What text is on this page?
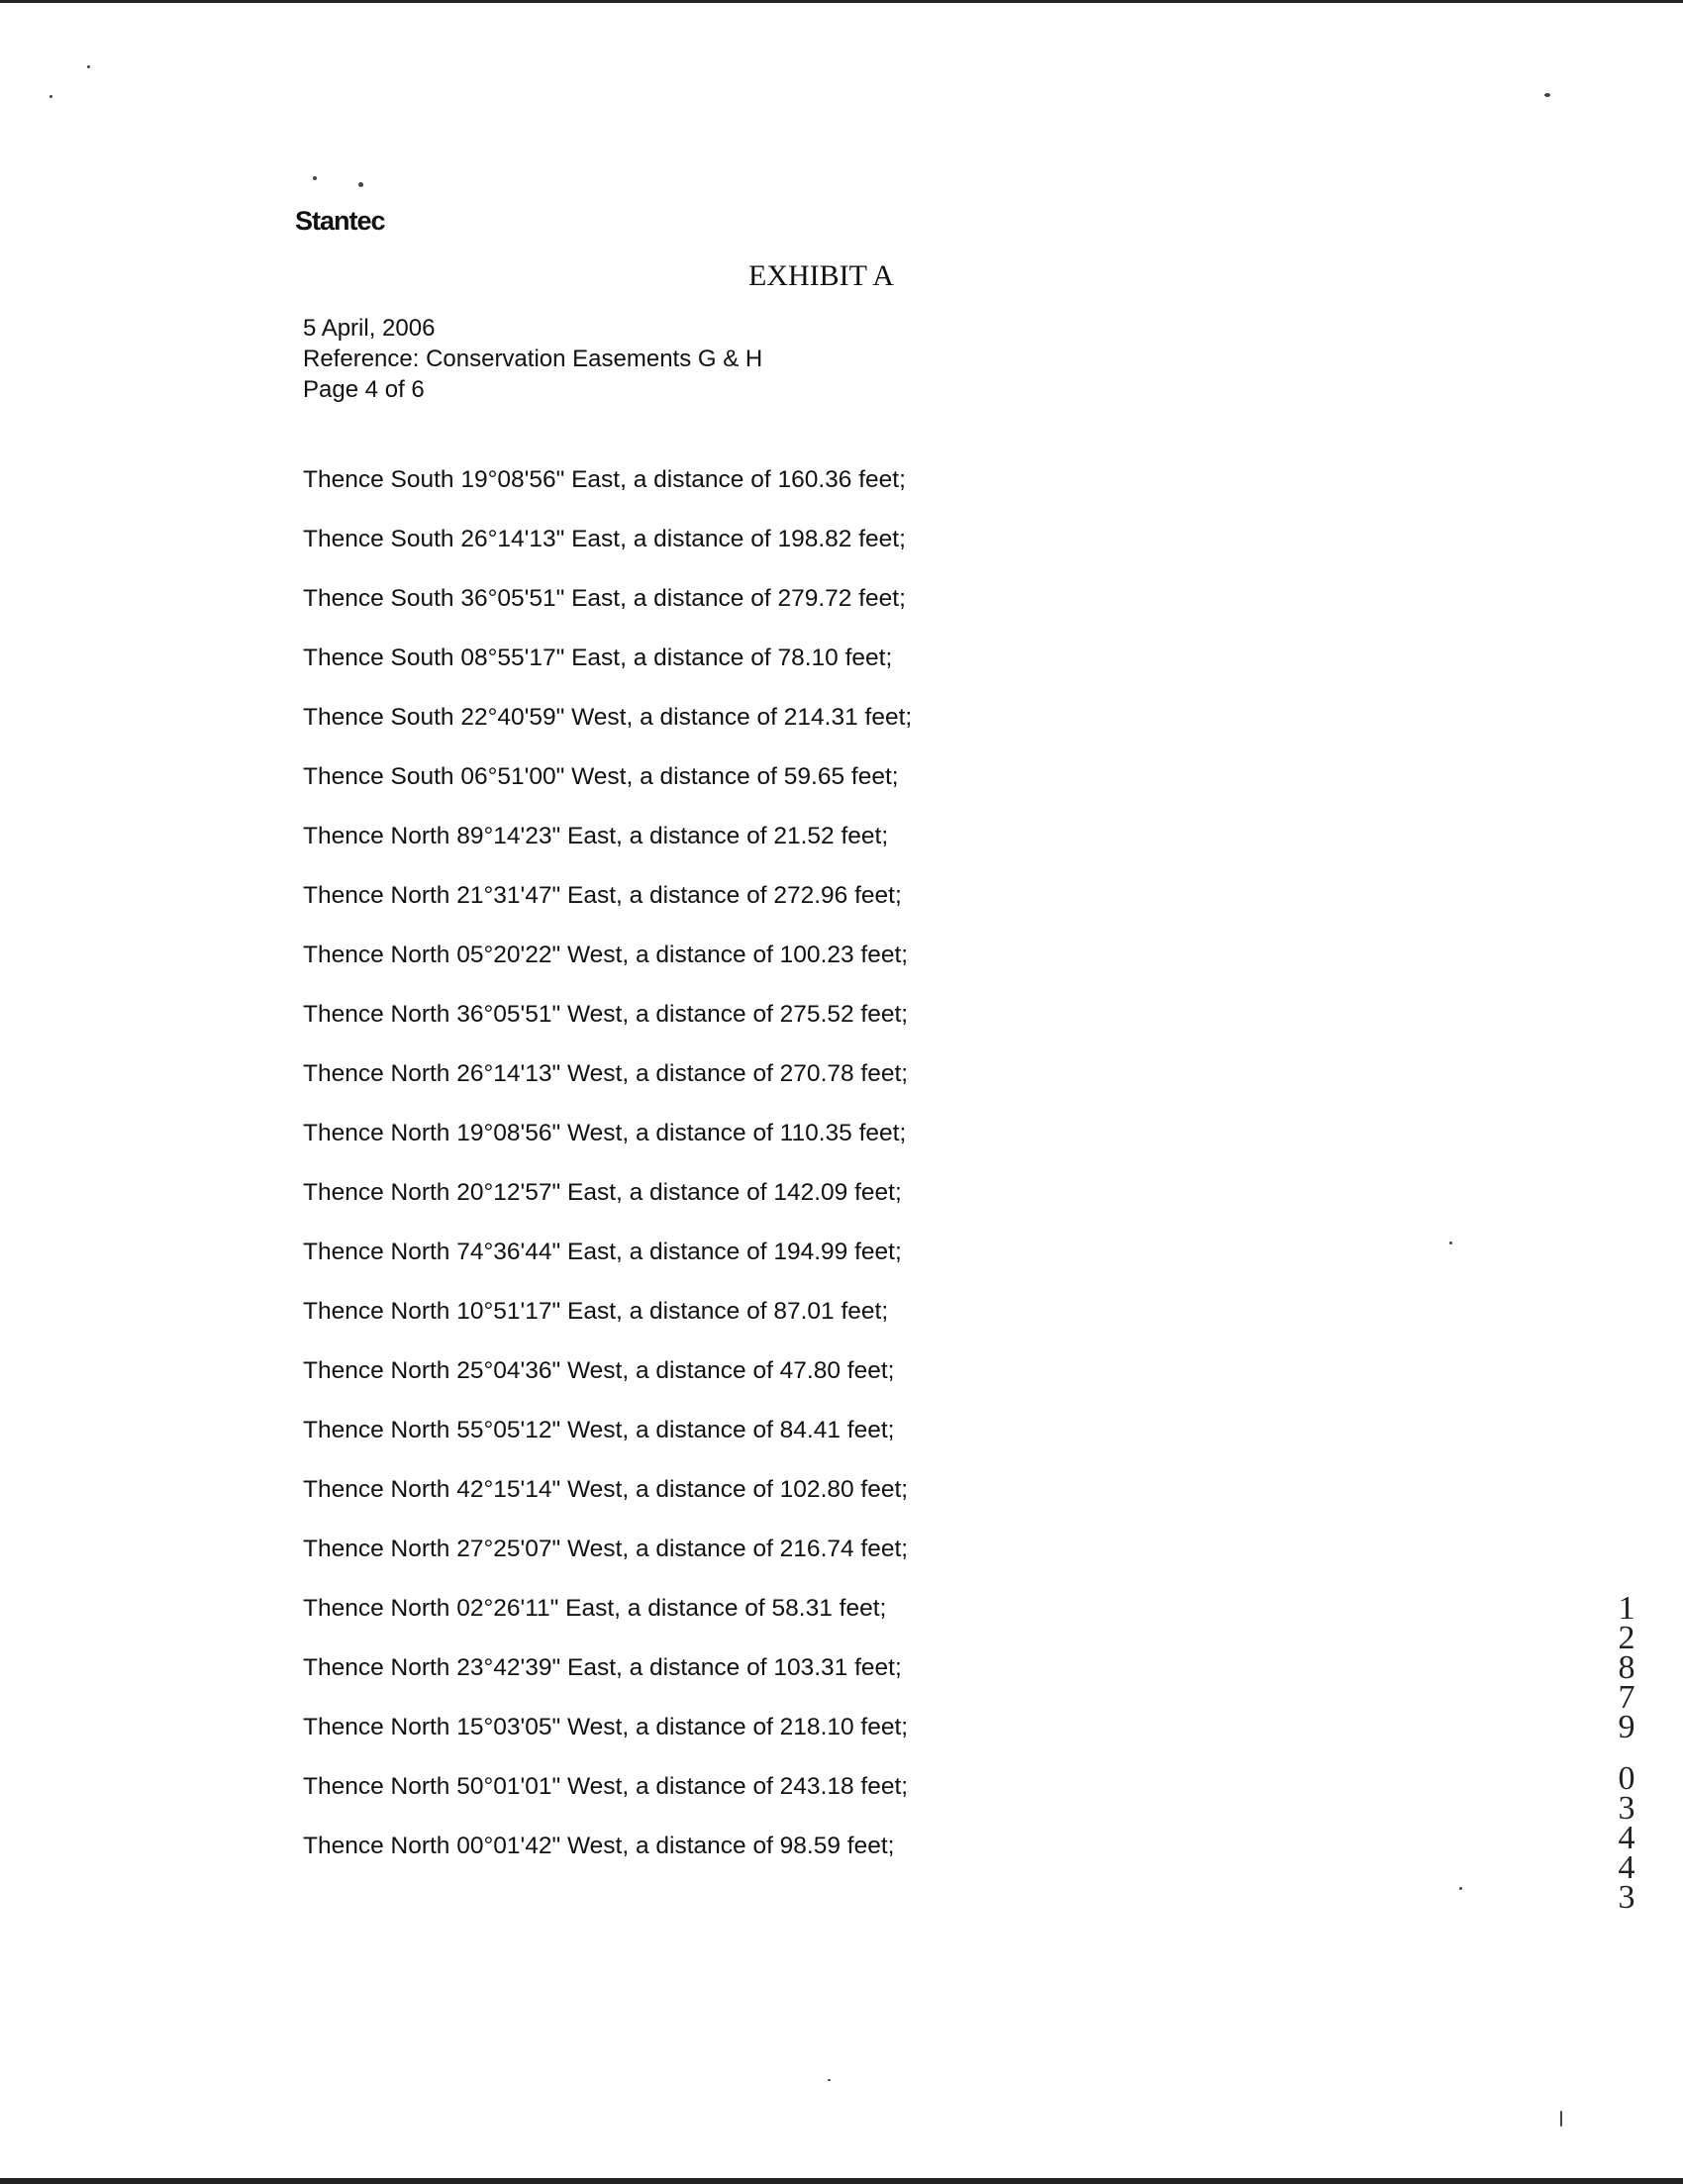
Stantec
EXHIBIT A
5 April, 2006
Reference: Conservation Easements G & H
Page 4 of 6
Thence South 19°08'56" East, a distance of 160.36 feet;
Thence South 26°14'13" East, a distance of 198.82 feet;
Thence South 36°05'51" East, a distance of 279.72 feet;
Thence South 08°55'17" East, a distance of 78.10 feet;
Thence South 22°40'59" West, a distance of 214.31 feet;
Thence South 06°51'00" West, a distance of 59.65 feet;
Thence North 89°14'23" East, a distance of 21.52 feet;
Thence North 21°31'47" East, a distance of 272.96 feet;
Thence North 05°20'22" West, a distance of 100.23 feet;
Thence North 36°05'51" West, a distance of 275.52 feet;
Thence North 26°14'13" West, a distance of 270.78 feet;
Thence North 19°08'56" West, a distance of 110.35 feet;
Thence North 20°12'57" East, a distance of 142.09 feet;
Thence North 74°36'44" East, a distance of 194.99 feet;
Thence North 10°51'17" East, a distance of 87.01 feet;
Thence North 25°04'36" West, a distance of 47.80 feet;
Thence North 55°05'12" West, a distance of 84.41 feet;
Thence North 42°15'14" West, a distance of 102.80 feet;
Thence North 27°25'07" West, a distance of 216.74 feet;
Thence North 02°26'11" East, a distance of 58.31 feet;
Thence North 23°42'39" East, a distance of 103.31 feet;
Thence North 15°03'05" West, a distance of 218.10 feet;
Thence North 50°01'01" West, a distance of 243.18 feet;
Thence North 00°01'42" West, a distance of 98.59 feet;
1
2
8
7
9
0
3
4
4
3
